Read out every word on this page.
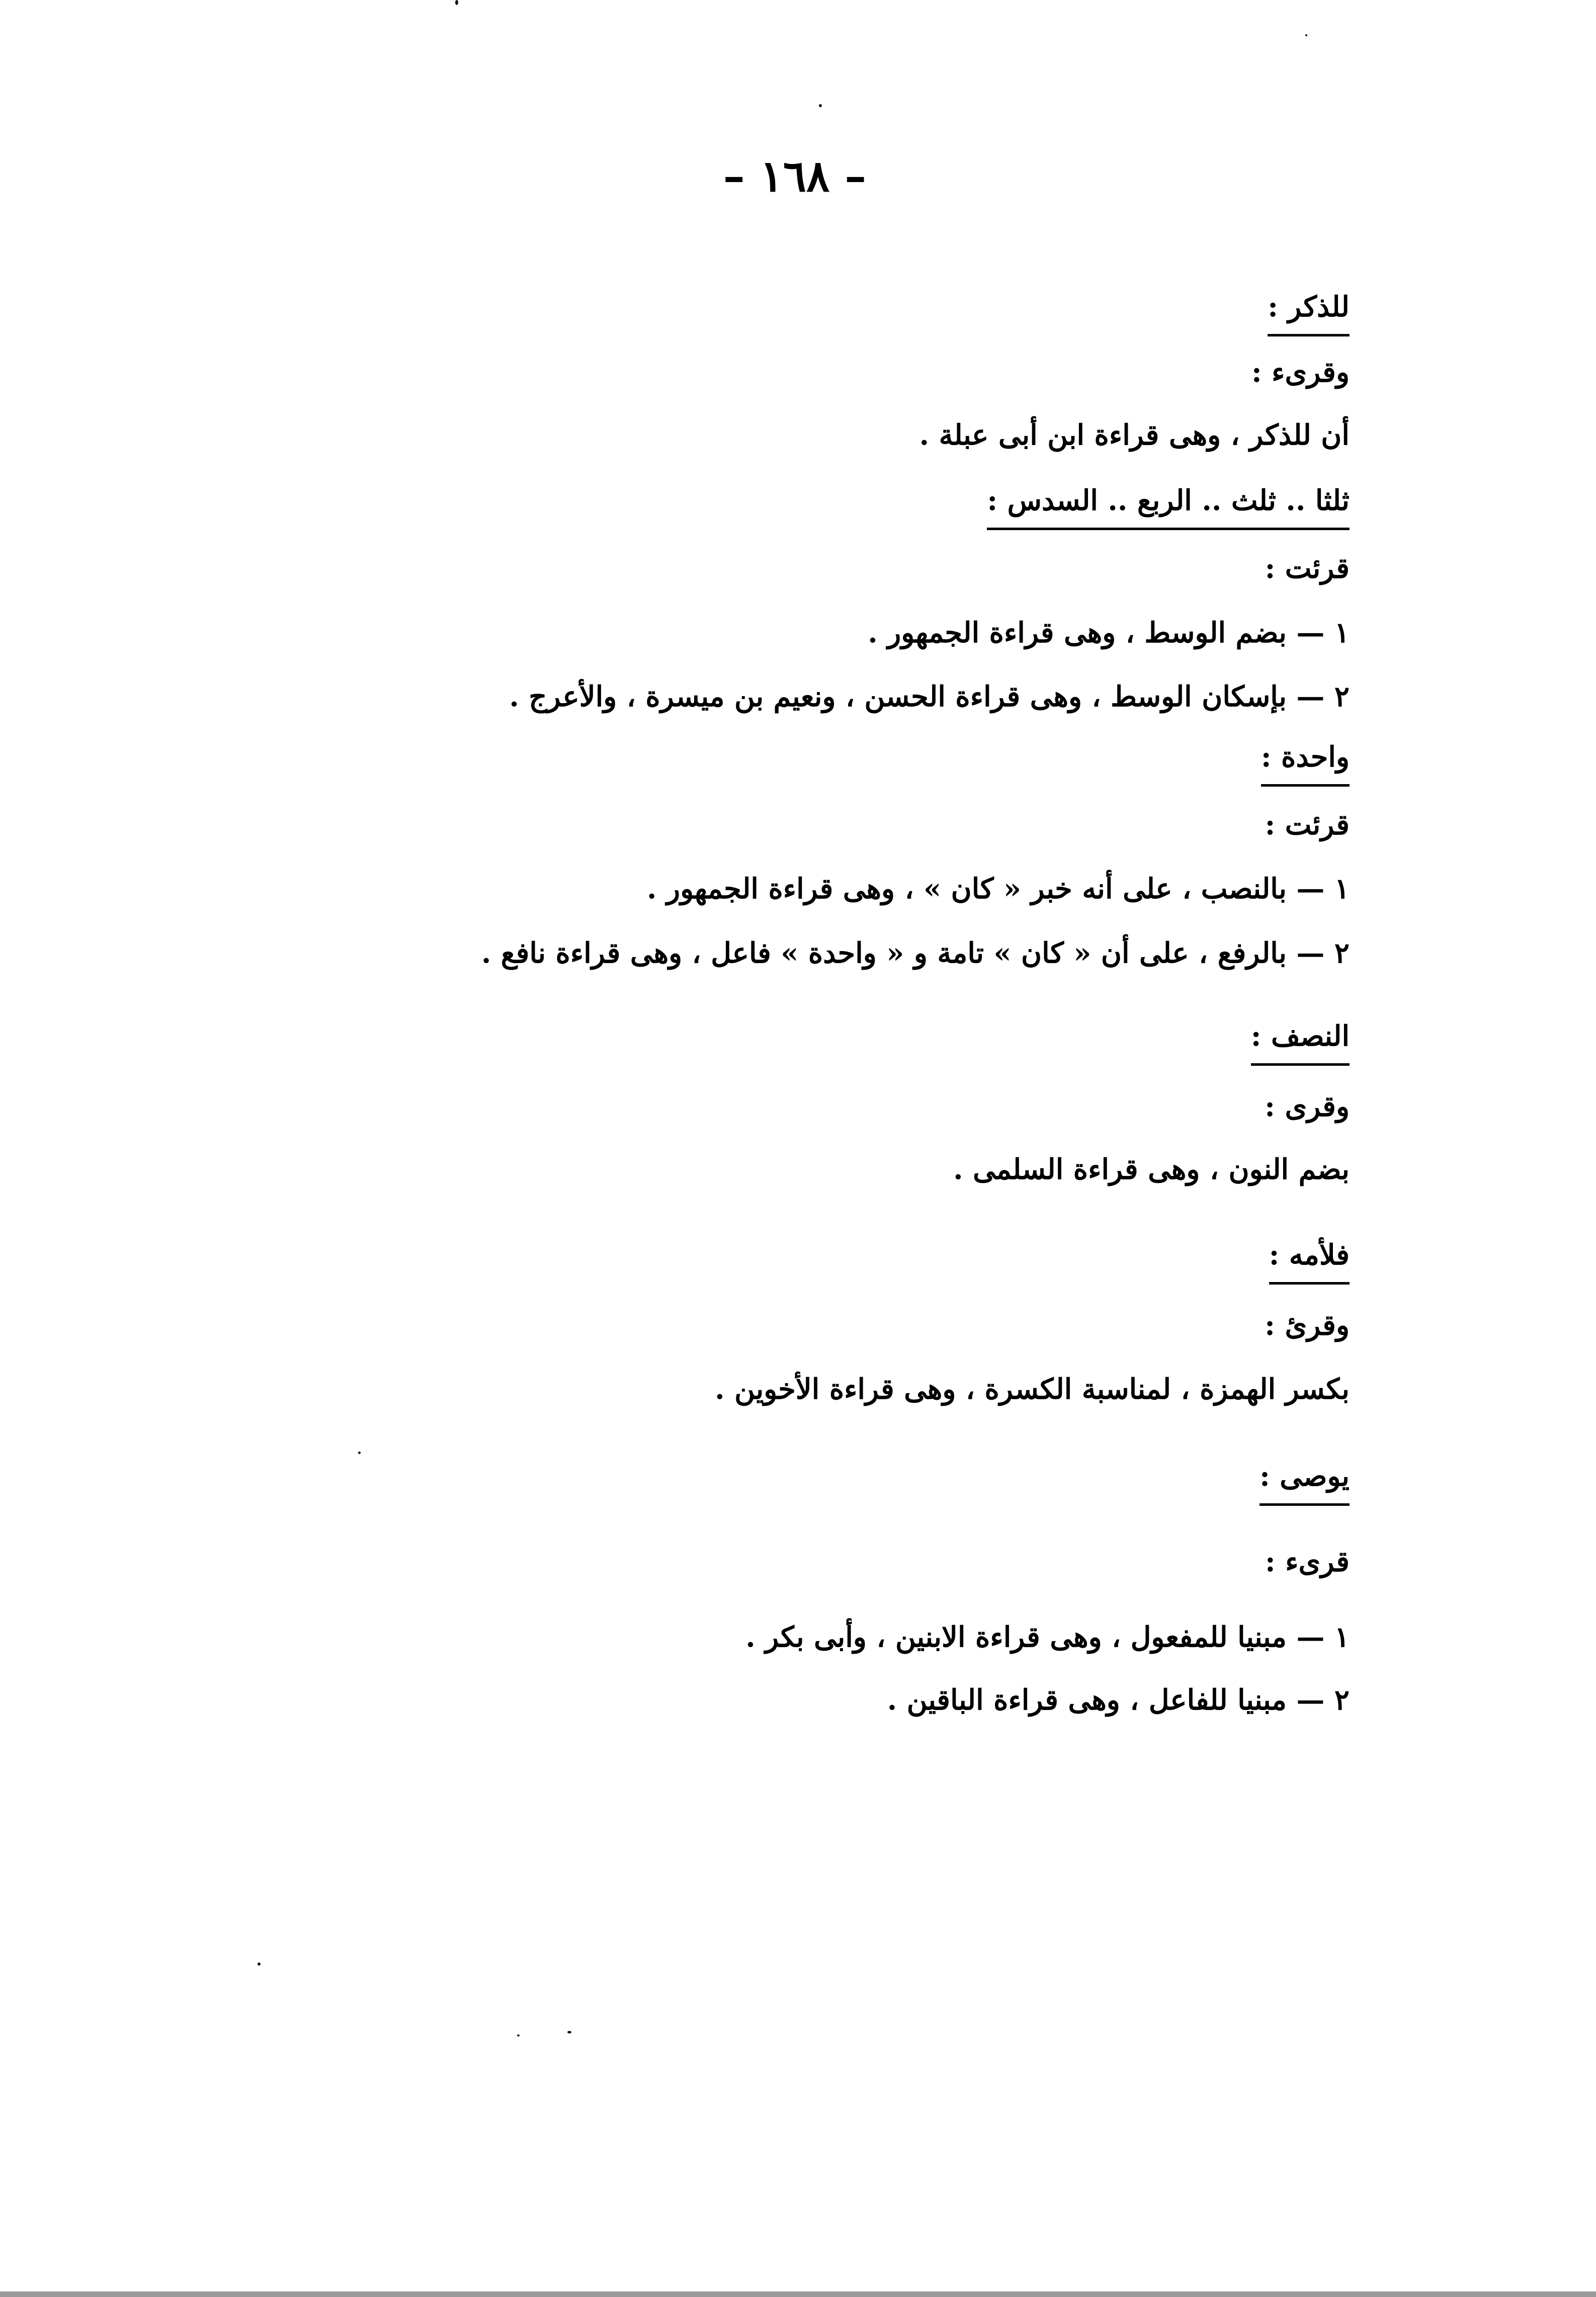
– ١٦٨ –
للذكر :
وقرىء :
أن للذكر ، وهى قراءة ابن أبى عبلة .
ثلثا .. ثلث .. الربع .. السدس :
قرئت :
١ — بضم الوسط ، وهى قراءة الجمهور .
٢ — بإسكان الوسط ، وهى قراءة الحسن ، ونعيم بن ميسرة ، والأعرج .
واحدة :
قرئت :
١ — بالنصب ، على أنه خبر « كان » ، وهى قراءة الجمهور .
٢ — بالرفع ، على أن « كان » تامة و « واحدة » فاعل ، وهى قراءة نافع .
النصف :
وقرى :
بضم النون ، وهى قراءة السلمى .
فلأمه :
وقرئ :
بكسر الهمزة ، لمناسبة الكسرة ، وهى قراءة الأخوين .
يوصى :
قرىء :
١ — مبنيا للمفعول ، وهى قراءة الابنين ، وأبى بكر .
٢ — مبنيا للفاعل ، وهى قراءة الباقين .
